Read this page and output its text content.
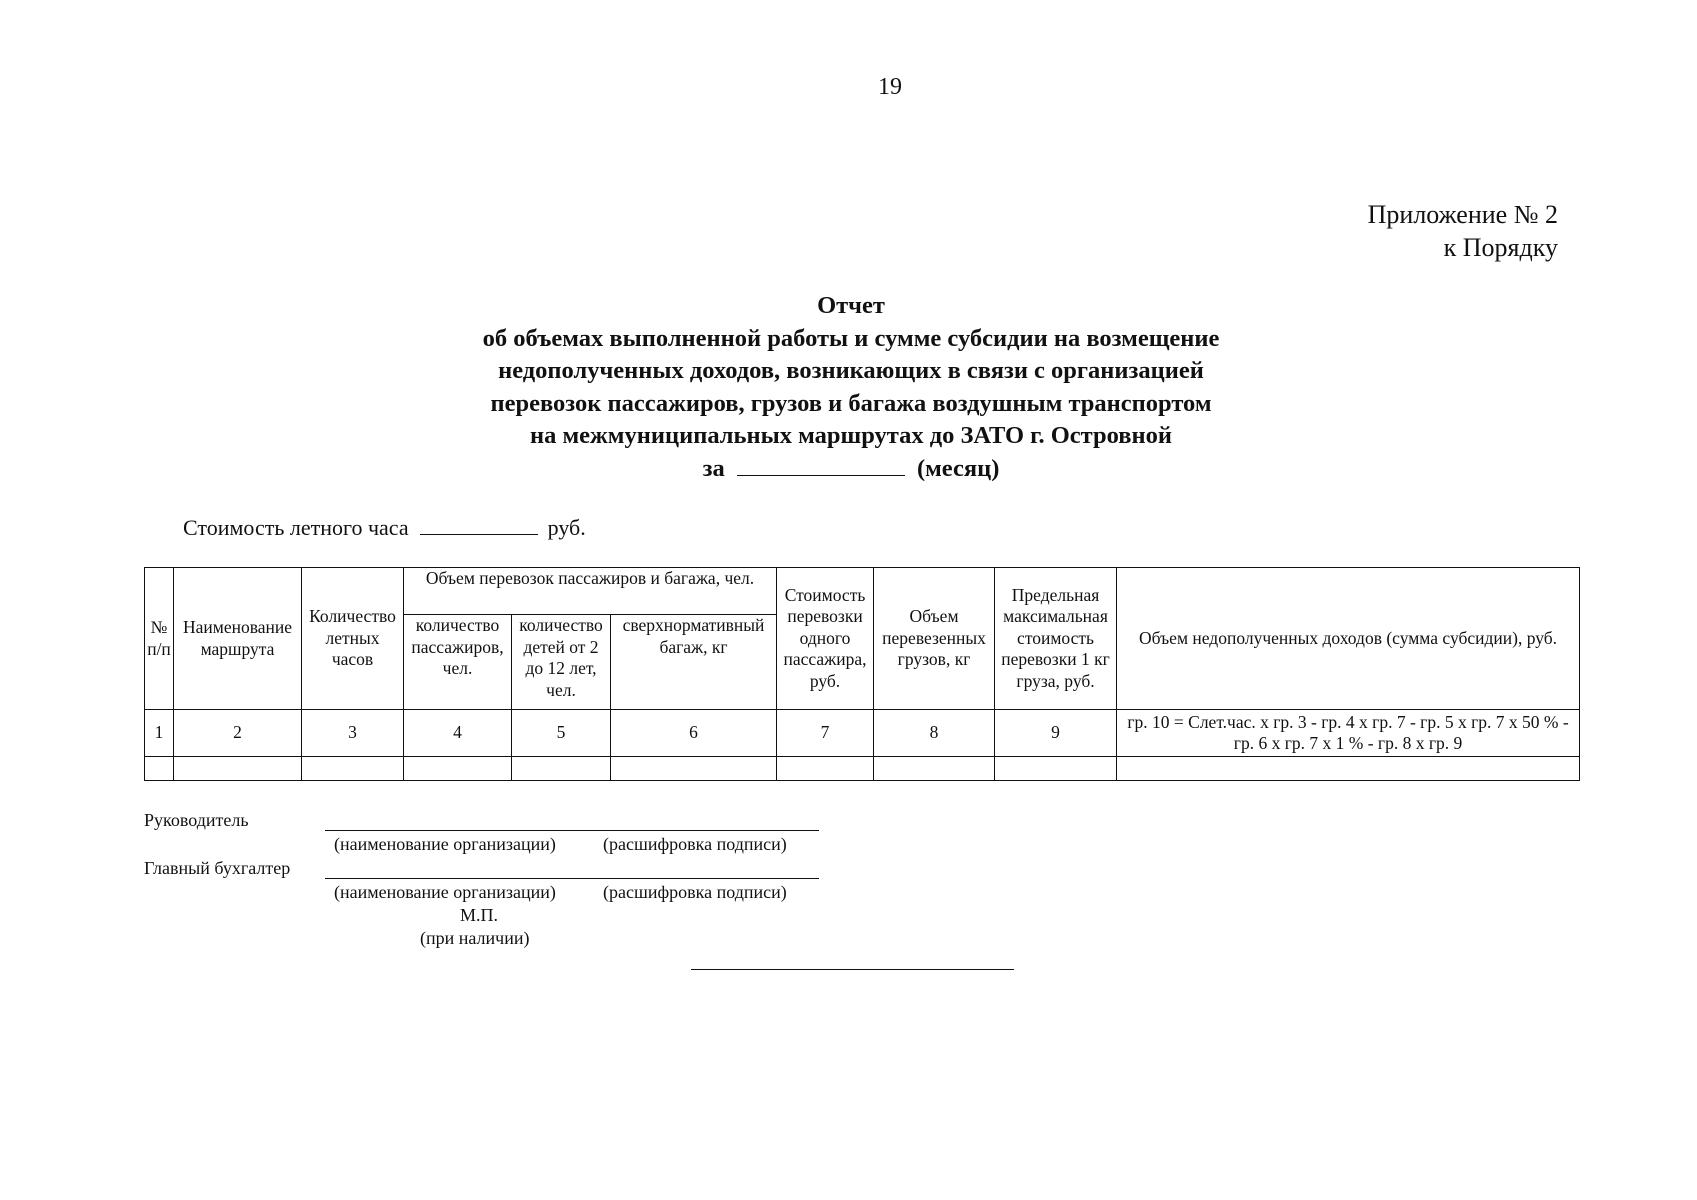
19
Приложение № 2
к Порядку
Отчет
об объемах выполненной работы и сумме субсидии на возмещение
недополученных доходов, возникающих в связи с организацией
перевозок пассажиров, грузов и багажа воздушным транспортом
на межмуниципальных маршрутах до ЗАТО г. Островной
за	(месяц)
Стоимость летного часа	руб.
№ п/п	Наименование маршрута	Количество летных часов	Объем перевозок пассажиров и багажа, чел.			Стоимость перевозки одного пассажира, руб.	Объем перевезенных грузов, кг	Предельная максимальная стоимость перевозки 1 кг груза, руб.	Объем недополученных доходов (сумма субсидии), руб.
			количество пассажиров, чел.	количество детей от 2 до 12 лет, чел.	сверхнормативный багаж, кг				
1	2	3	4	5	6	7	8	9	гр. 10 = Слет.час. х гр. 3 - гр. 4 х гр. 7 - гр. 5 х гр. 7 х 50 % - гр. 6 х гр. 7 х 1 % - гр. 8 х гр. 9

Руководитель
(наименование организации)	(расшифровка подписи)
Главный бухгалтер
(наименование организации)	(расшифровка подписи)
М.П.
(при наличии)
